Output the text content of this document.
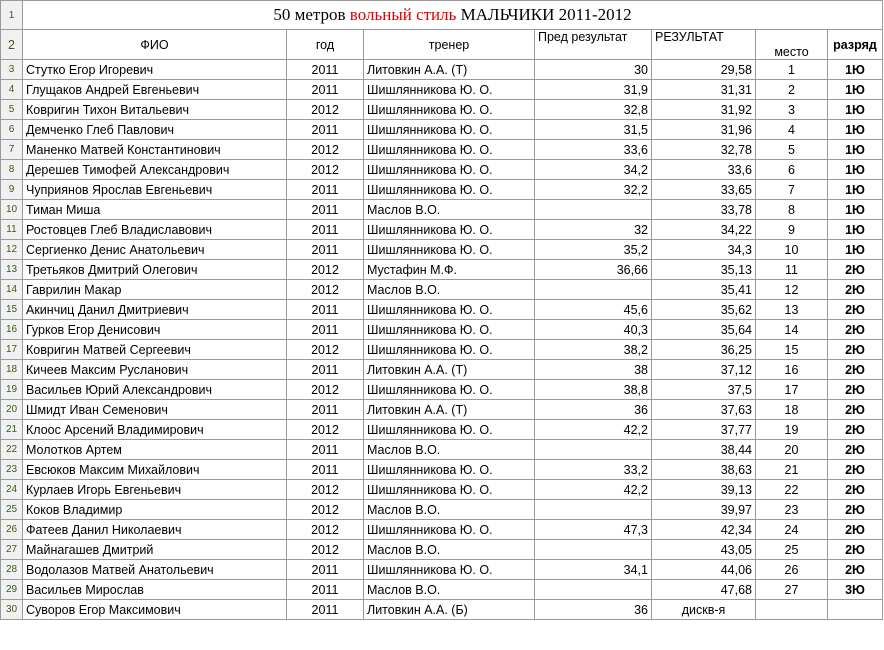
1	50 метров вольный стиль МАЛЬЧИКИ 2011-2012						
2	ФИО	год	тренер	Пред результат	РЕЗУЛЬТАТ	место	разряд
3	Стутко Егор Игоревич	2011	Литовкин А.А. (Т)	30	29,58	1	1Ю
4	Глущаков Андрей Евгеньевич	2011	Шишлянникова Ю. О.	31,9	31,31	2	1Ю
5	Ковригин Тихон Витальевич	2012	Шишлянникова Ю. О.	32,8	31,92	3	1Ю
6	Демченко Глеб Павлович	2011	Шишлянникова Ю. О.	31,5	31,96	4	1Ю
7	Маненко Матвей Константинович	2012	Шишлянникова Ю. О.	33,6	32,78	5	1Ю
8	Дерешев Тимофей Александрович	2012	Шишлянникова Ю. О.	34,2	33,6	6	1Ю
9	Чуприянов Ярослав Евгеньевич	2011	Шишлянникова Ю. О.	32,2	33,65	7	1Ю
10	Тиман Миша	2011	Маслов В.О.		33,78	8	1Ю
11	Ростовцев Глеб Владиславович	2011	Шишлянникова Ю. О.	32	34,22	9	1Ю
12	Сергиенко Денис Анатольевич	2011	Шишлянникова Ю. О.	35,2	34,3	10	1Ю
13	Третьяков Дмитрий Олегович	2012	Мустафин М.Ф.	36,66	35,13	11	2Ю
14	Гаврилин Макар	2012	Маслов В.О.		35,41	12	2Ю
15	Акинчиц Данил Дмитриевич	2011	Шишлянникова Ю. О.	45,6	35,62	13	2Ю
16	Гурков Егор Денисович	2011	Шишлянникова Ю. О.	40,3	35,64	14	2Ю
17	Ковригин Матвей Сергеевич	2012	Шишлянникова Ю. О.	38,2	36,25	15	2Ю
18	Кичеев Максим Русланович	2011	Литовкин А.А. (Т)	38	37,12	16	2Ю
19	Васильев Юрий Александрович	2012	Шишлянникова Ю. О.	38,8	37,5	17	2Ю
20	Шмидт Иван Семенович	2011	Литовкин А.А. (Т)	36	37,63	18	2Ю
21	Клоос Арсений Владимирович	2012	Шишлянникова Ю. О.	42,2	37,77	19	2Ю
22	Молотков Артем	2011	Маслов В.О.		38,44	20	2Ю
23	Евсюков Максим Михайлович	2011	Шишлянникова Ю. О.	33,2	38,63	21	2Ю
24	Курлаев Игорь Евгеньевич	2012	Шишлянникова Ю. О.	42,2	39,13	22	2Ю
25	Коков Владимир	2012	Маслов В.О.		39,97	23	2Ю
26	Фатеев Данил Николаевич	2012	Шишлянникова Ю. О.	47,3	42,34	24	2Ю
27	Майнагашев Дмитрий	2012	Маслов В.О.		43,05	25	2Ю
28	Водолазов Матвей Анатольевич	2011	Шишлянникова Ю. О.	34,1	44,06	26	2Ю
29	Васильев Мирослав	2011	Маслов В.О.		47,68	27	3Ю
30	Суворов Егор Максимович	2011	Литовкин А.А. (Б)	36	дискв-я		
